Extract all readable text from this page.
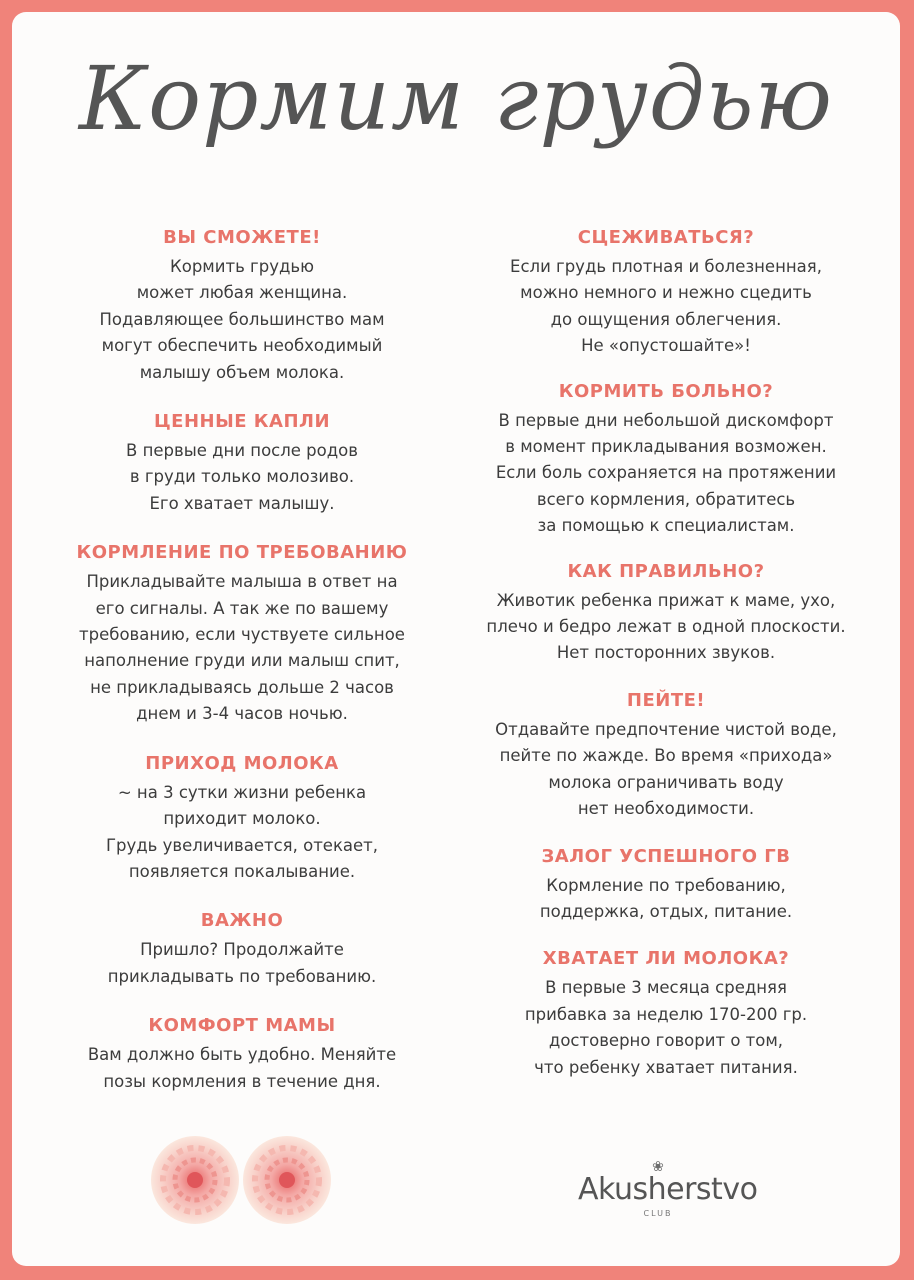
Кормим грудью
ВЫ СМОЖЕТЕ!

Кормить грудью
может любая женщина.
Подавляющее большинство мам
могут обеспечить необходимый
малышу объем молока.

ЦЕННЫЕ КАПЛИ

В первые дни после родов
в груди только молозиво.
Его хватает малышу.

КОРМЛЕНИЕ ПО ТРЕБОВАНИЮ

Прикладывайте малыша в ответ на
его сигналы. А так же по вашему
требованию, если чуствуете сильное
наполнение груди или малыш спит,
не прикладываясь дольше 2 часов
днем и 3-4 часов ночью.

ПРИХОД МОЛОКА

~ на 3 сутки жизни ребенка
приходит молоко.
Грудь увеличивается, отекает,
появляется покалывание.

ВАЖНО

Пришло? Продолжайте
прикладывать по требованию.

КОМФОРТ МАМЫ

Вам должно быть удобно. Меняйте
позы кормления в течение дня.

СЦЕЖИВАТЬСЯ?

Если грудь плотная и болезненная,
можно немного и нежно сцедить
до ощущения облегчения.
Не «опустошайте»!

КОРМИТЬ БОЛЬНО?

В первые дни небольшой дискомфорт
в момент прикладывания возможен.
Если боль сохраняется на протяжении
всего кормления, обратитесь
за помощью к специалистам.

КАК ПРАВИЛЬНО?

Животик ребенка прижат к маме, ухо,
плечо и бедро лежат в одной плоскости.
Нет посторонних звуков.

ПЕЙТЕ!

Отдавайте предпочтение чистой воде,
пейте по жажде. Во время «прихода»
молока ограничивать воду
нет необходимости.

ЗАЛОГ УСПЕШНОГО ГВ

Кормление по требованию,
поддержка, отдых, питание.

ХВАТАЕТ ЛИ МОЛОКА?

В первые 3 месяца средняя
прибавка за неделю 170-200 гр.
достоверно говорит о том,
что ребенку хватает питания.

❀
Akusherstvo
CLUB
